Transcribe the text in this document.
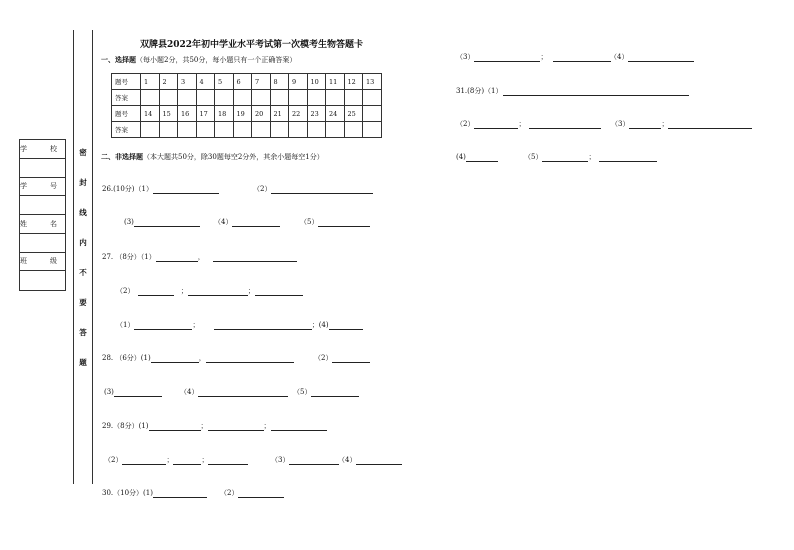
学　校
学　号
姓　名
班　级
密
封
线
内
不
要
答
题
双牌县2022年初中学业水平考试第一次模考生物答题卡
一、选择题（每小题2分，共50分，每小题只有一个正确答案）
题号	1	2	3	4	5	6	7	8	9	10	11	12	13
答案													
题号	14	15	16	17	18	19	20	21	22	23	24	25	
答案													
二、非选择题（本大题共50分，除30题每空2分外，其余小题每空1分）
26.(10分)（1）	（2）
(3)	（4）	（5）
27. （8分）（1）	，
（2）	；	；
（1）	；	；(4)
28. （6分）(1)	，	（2）
(3)	（4）	（5）
29.（8分）(1)	；	；
（2）	；	；	（3）	（4）
30.（10分）(1)	（2）
（3）	；	（4）
31.(8分)（1）
（2）	；	（3）	；
(4)	（5）	；
